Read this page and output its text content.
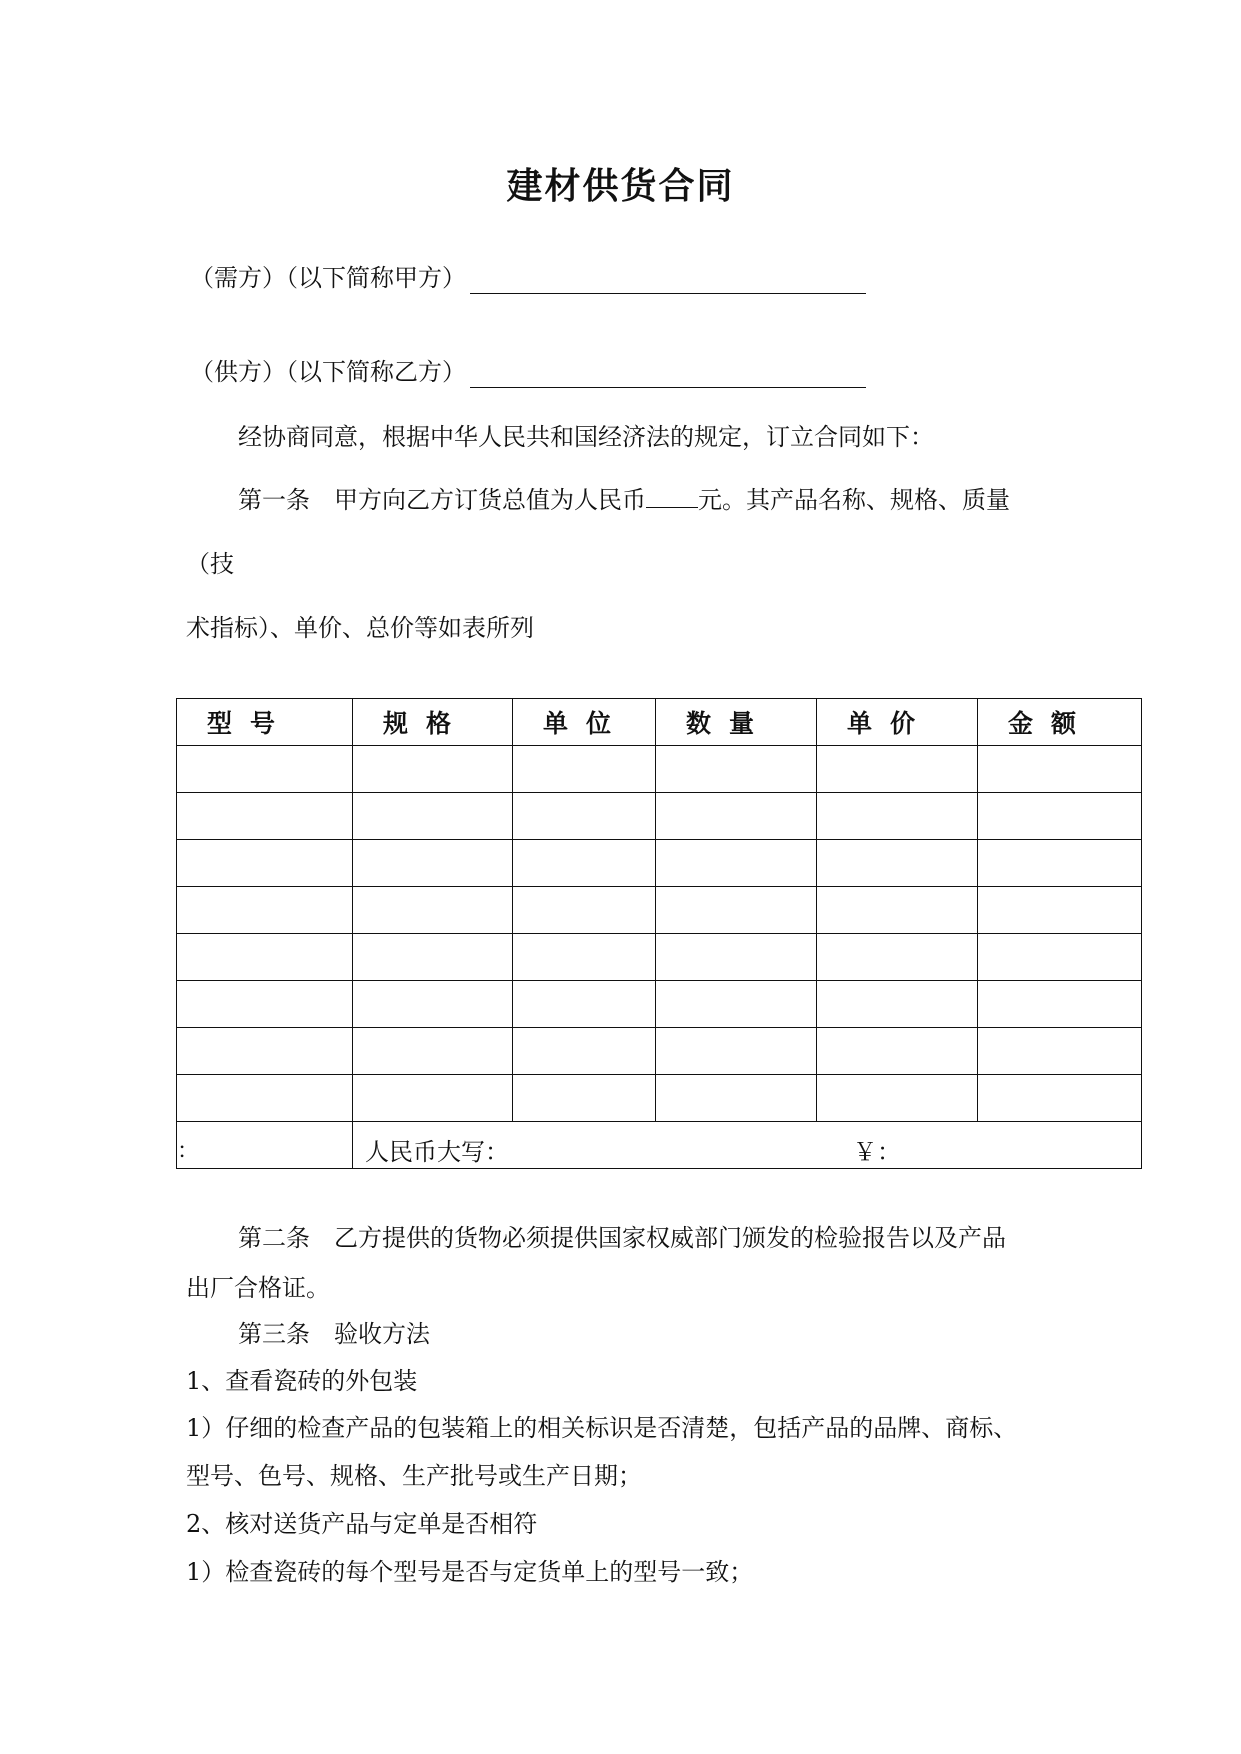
建材供货合同
（需方）（以下简称甲方）
（供方）（以下简称乙方）
经协商同意，根据中华人民共和国经济法的规定，订立合同如下：
第一条　甲方向乙方订货总值为人民币 元。其产品名称、规格、质量
（技
术指标）、单价、总价等如表所列
型号	规格	单位	数量	单价	金额

：	人民币大写： ￥：				
第二条　乙方提供的货物必须提供国家权威部门颁发的检验报告以及产品
出厂合格证。
第三条　验收方法
1、查看瓷砖的外包装
1）仔细的检查产品的包装箱上的相关标识是否清楚，包括产品的品牌、商标、
型号、色号、规格、生产批号或生产日期；
2、核对送货产品与定单是否相符
1）检查瓷砖的每个型号是否与定货单上的型号一致；
